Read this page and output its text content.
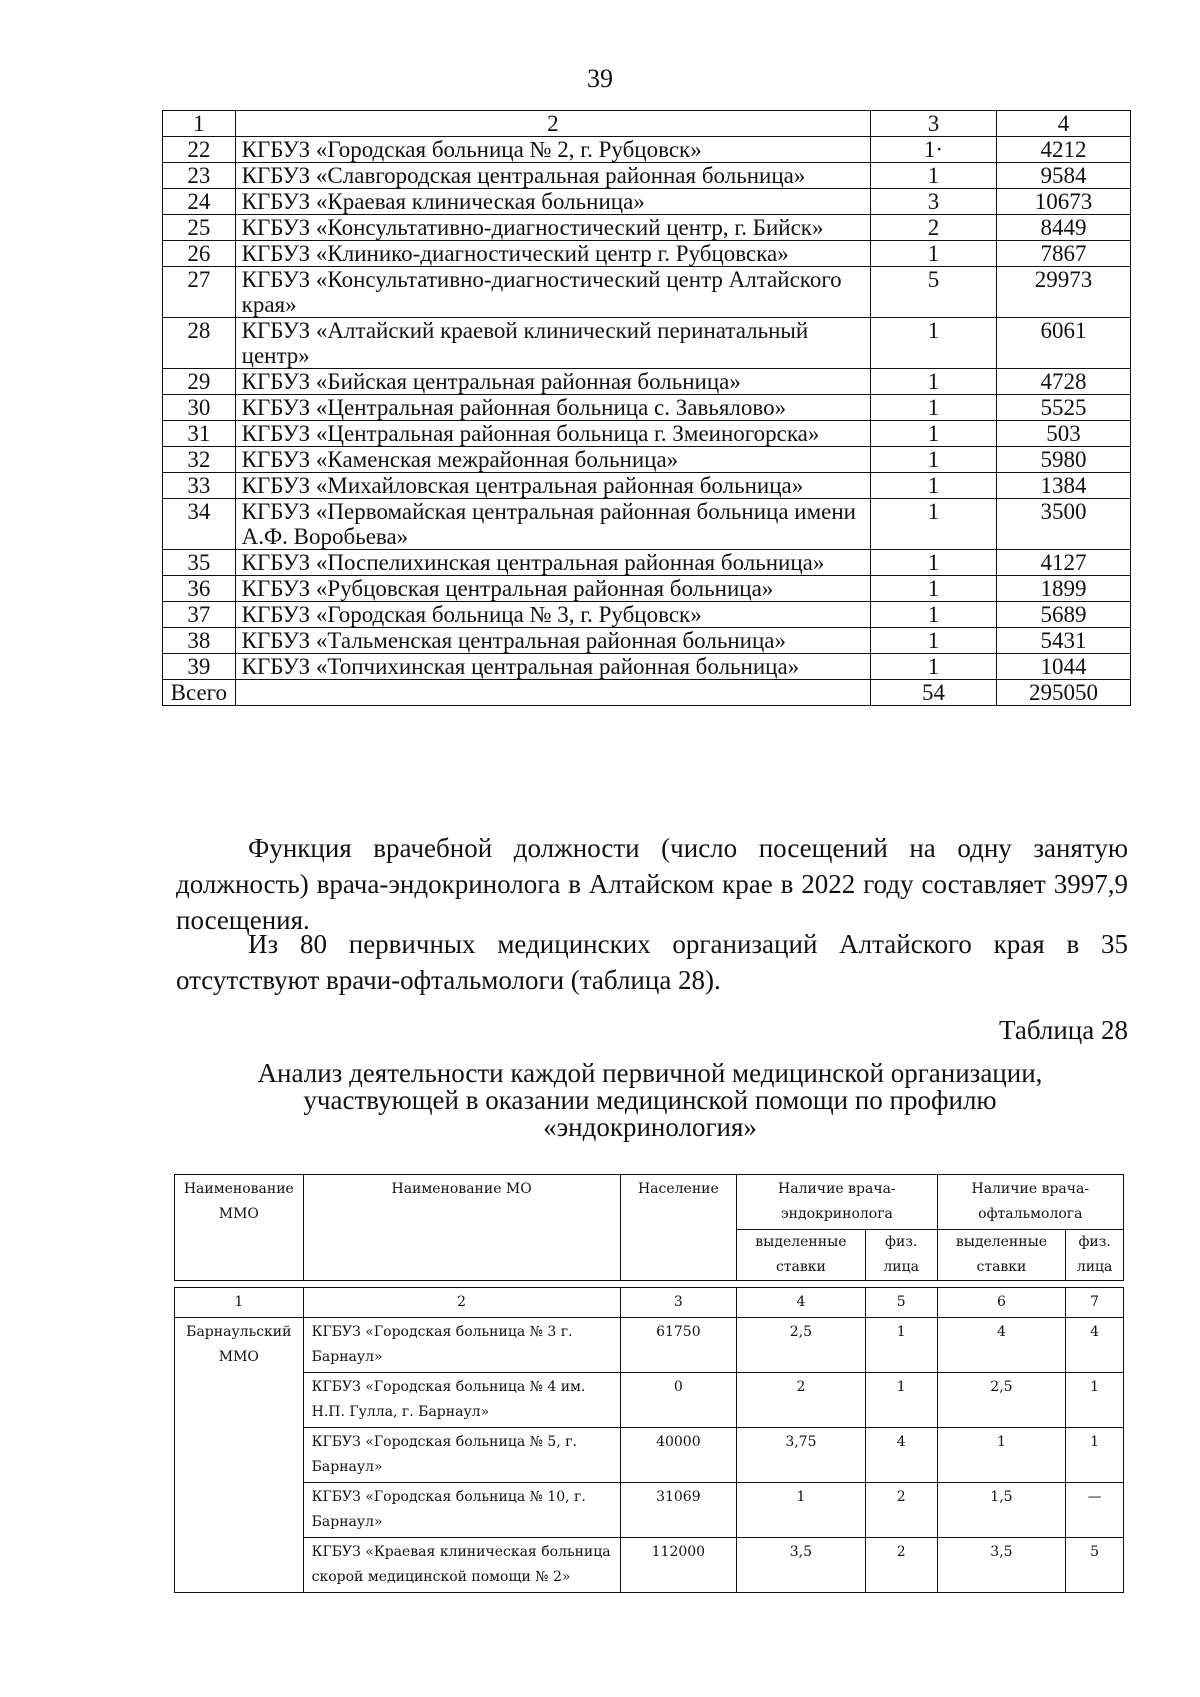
39
1	2	3	4
22	КГБУЗ «Городская больница № 2, г. Рубцовск»	1·	4212
23	КГБУЗ «Славгородская центральная районная больница»	1	9584
24	КГБУЗ «Краевая клиническая больница»	3	10673
25	КГБУЗ «Консультативно-диагностический центр, г. Бийск»	2	8449
26	КГБУЗ «Клинико-диагностический центр г. Рубцовска»	1	7867
27	КГБУЗ «Консультативно-диагностический центр Алтайского края»	5	29973
28	КГБУЗ «Алтайский краевой клинический перинатальный центр»	1	6061
29	КГБУЗ «Бийская центральная районная больница»	1	4728
30	КГБУЗ «Центральная районная больница с. Завьялово»	1	5525
31	КГБУЗ «Центральная районная больница г. Змеиногорска»	1	503
32	КГБУЗ «Каменская межрайонная больница»	1	5980
33	КГБУЗ «Михайловская центральная районная больница»	1	1384
34	КГБУЗ «Первомайская центральная районная больница имени А.Ф. Воробьева»	1	3500
35	КГБУЗ «Поспелихинская центральная районная больница»	1	4127
36	КГБУЗ «Рубцовская центральная районная больница»	1	1899
37	КГБУЗ «Городская больница № 3, г. Рубцовск»	1	5689
38	КГБУЗ «Тальменская центральная районная больница»	1	5431
39	КГБУЗ «Топчихинская центральная районная больница»	1	1044
Всего		54	295050
Функция врачебной должности (число посещений на одну занятую должность) врача-эндокринолога в Алтайском крае в 2022 году составляет 3997,9 посещения.
Из 80 первичных медицинских организаций Алтайского края в 35 отсутствуют врачи-офтальмологи (таблица 28).
Таблица 28
Анализ деятельности каждой первичной медицинской организации,
участвующей в оказании медицинской помощи по профилю
«эндокринология»
Наименование ММО	Наименование МО	Население	Наличие врача-эндокринолога		Наличие врача-офтальмолога	
			выделенные ставки	физ. лица	выделенные ставки	физ. лица

1	2	3	4	5	6	7
Барнаульский ММО	КГБУЗ «Городская больница № 3 г. Барнаул»	61750	2,5	1	4	4
	КГБУЗ «Городская больница № 4 им. Н.П. Гулла, г. Барнаул»	0	2	1	2,5	1
	КГБУЗ «Городская больница № 5, г. Барнаул»	40000	3,75	4	1	1
	КГБУЗ «Городская больница № 10, г. Барнаул»	31069	1	2	1,5	—
	КГБУЗ «Краевая клиническая больница скорой медицинской помощи № 2»	112000	3,5	2	3,5	5
